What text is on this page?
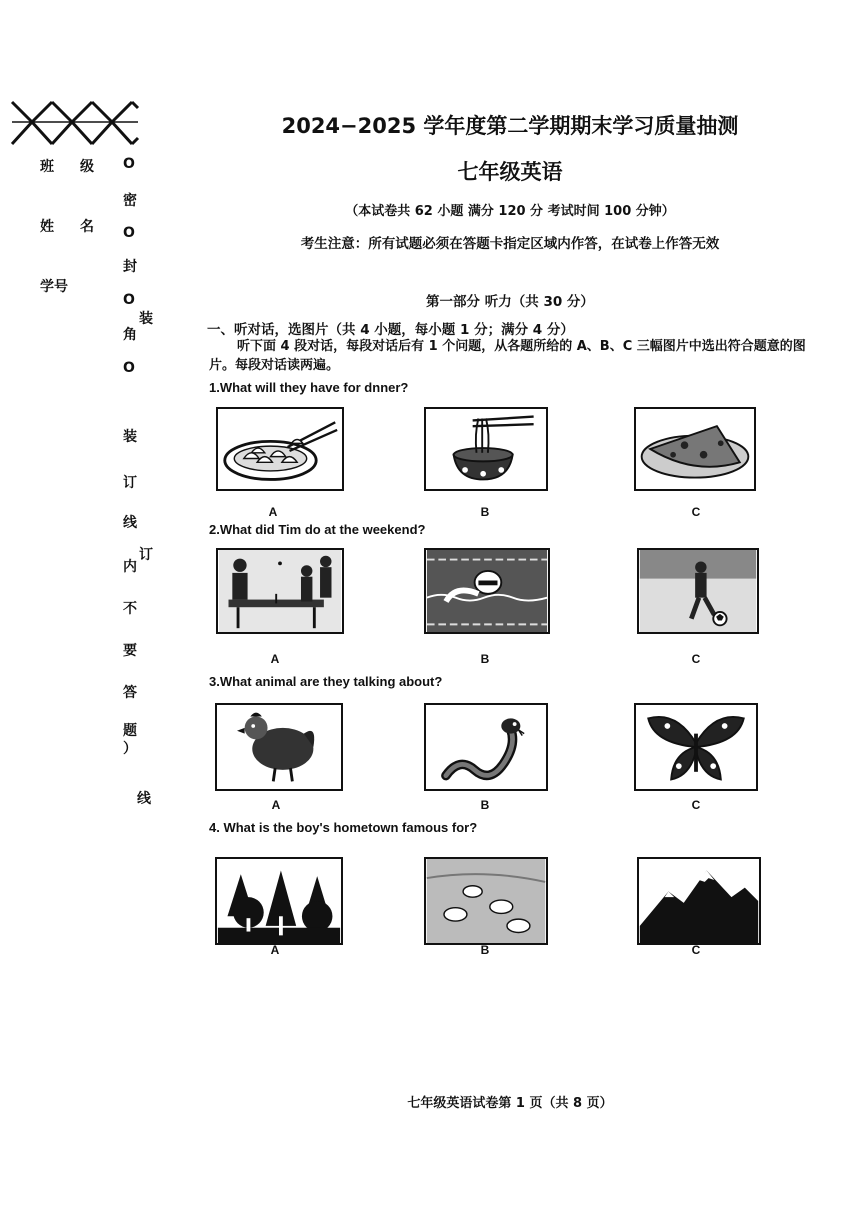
班 级
姓 名
学号
O
密
O
封
O
角
O
装
订
线
内
不
要
答
题
）
线
装
订
2024−2025 学年度第二学期期末学习质量抽测
七年级英语
（本试卷共 62 小题 满分 120 分 考试时间 100 分钟）
考生注意：所有试题必须在答题卡指定区域内作答，在试卷上作答无效
第一部分 听力（共 30 分）
一、听对话，选图片（共 4 小题，每小题 1 分；满分 4 分）
听下面 4 段对话，每段对话后有 1 个问题，从各题所给的 A、B、C 三幅图片中选出符合题意的图片。每段对话读两遍。
1.What will they have for dnner?
A	B	C
2.What did Tim do at the weekend?
A	B	C
3.What animal are they talking about?
A	B	C
4. What is the boy's hometown famous for?
A	B	C
七年级英语试卷第 1 页（共 8 页）
